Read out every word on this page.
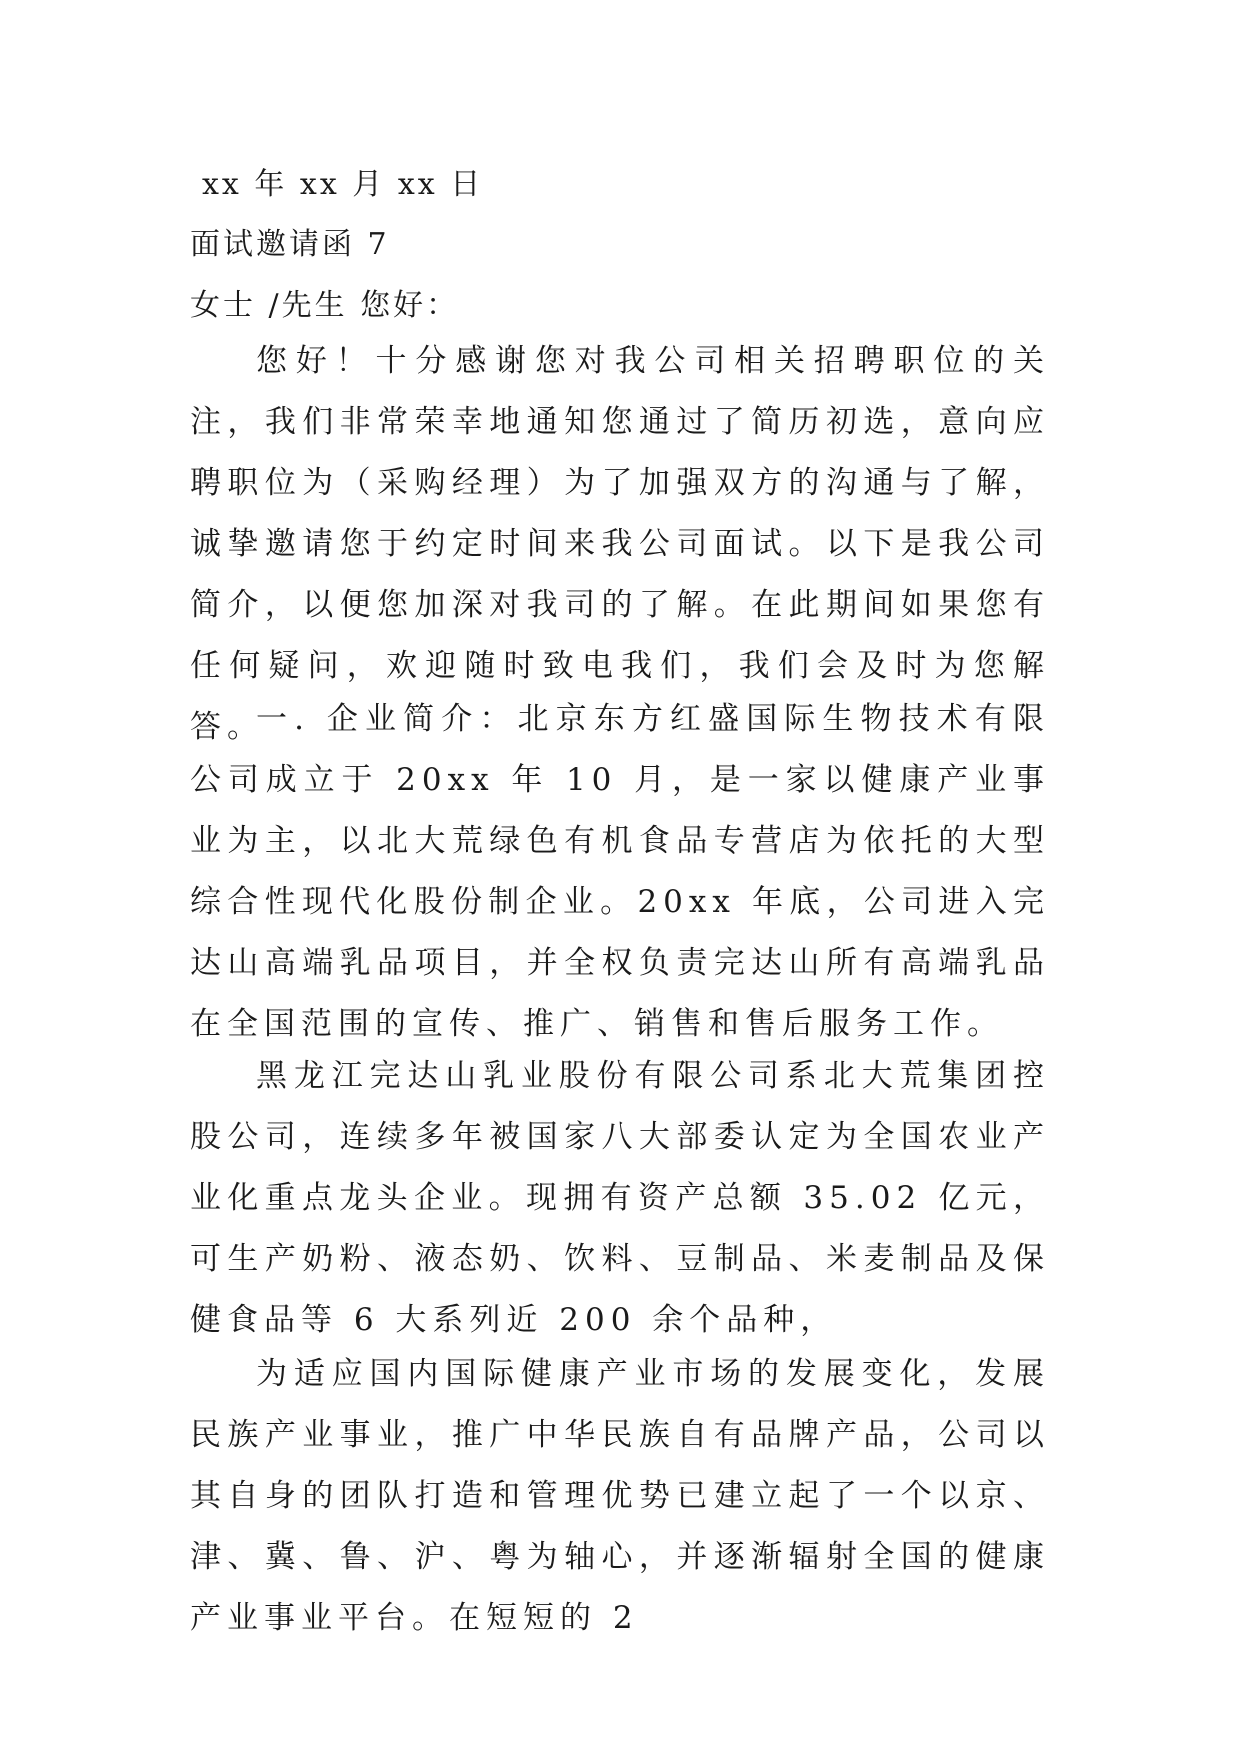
xx 年 xx 月 xx 日
面试邀请函 7
女士 /先生 您好：

您好！十分感谢您对我公司相关招聘职位的关注，我们非常荣幸地通知您通过了简历初选，意向应聘职位为（采购经理）为了加强双方的沟通与了解，诚挚邀请您于约定时间来我公司面试。以下是我公司简介，以便您加深对我司的了解。在此期间如果您有任何疑问，欢迎随时致电我们，我们会及时为您解答。

一. 企业简介：北京东方红盛国际生物技术有限公司成立于 20xx 年 10 月，是一家以健康产业事业为主，以北大荒绿色有机食品专营店为依托的大型综合性现代化股份制企业。20xx 年底，公司进入完达山高端乳品项目，并全权负责完达山所有高端乳品在全国范围的宣传、推广、销售和售后服务工作。

黑龙江完达山乳业股份有限公司系北大荒集团控股公司，连续多年被国家八大部委认定为全国农业产业化重点龙头企业。现拥有资产总额 35.02 亿元，可生产奶粉、液态奶、饮料、豆制品、米麦制品及保健食品等 6 大系列近 200 余个品种，

为适应国内国际健康产业市场的发展变化，发展民族产业事业，推广中华民族自有品牌产品，公司以其自身的团队打造和管理优势已建立起了一个以京、津、冀、鲁、沪、粤为轴心，并逐渐辐射全国的健康产业事业平台。在短短的 2
